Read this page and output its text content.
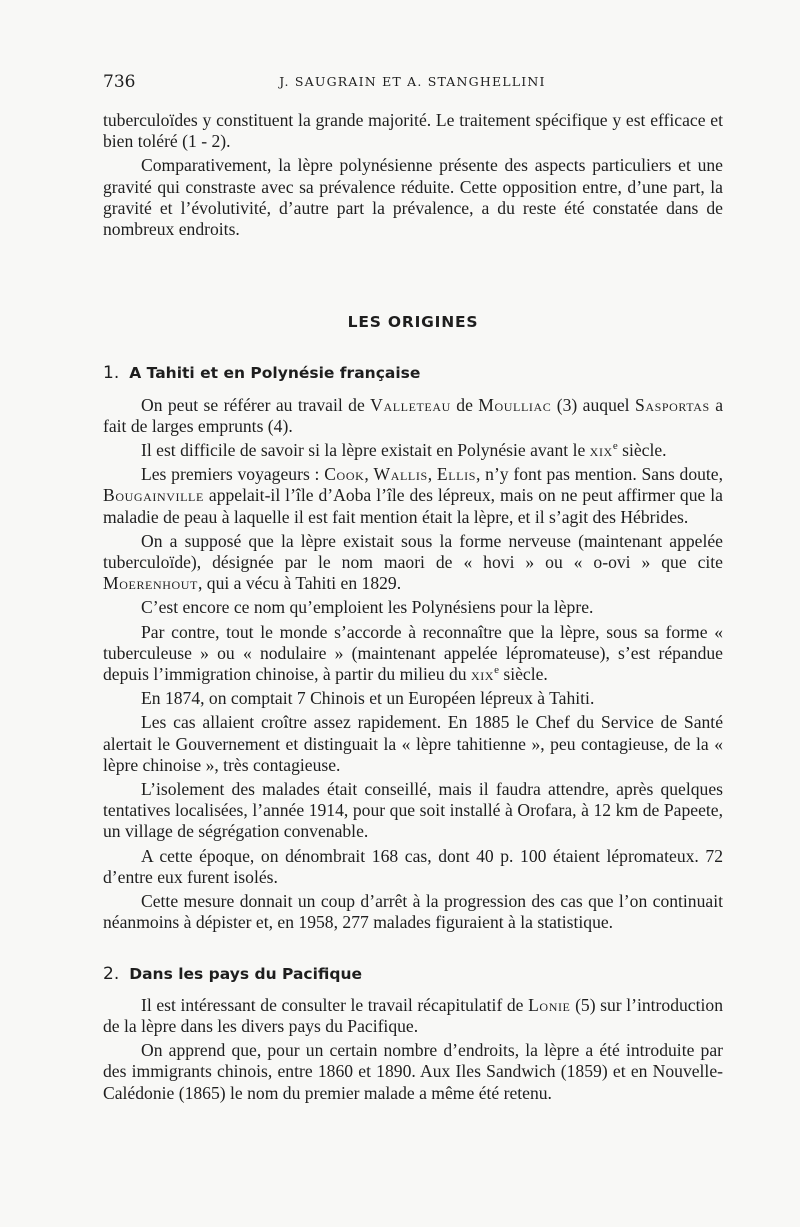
736	J. SAUGRAIN ET A. STANGHELLINI

tuberculoïdes y constituent la grande majorité. Le traitement spécifique y est efficace et bien toléré (1 - 2).

Comparativement, la lèpre polynésienne présente des aspects particuliers et une gravité qui constraste avec sa prévalence réduite. Cette opposition entre, d’une part, la gravité et l’évolutivité, d’autre part la prévalence, a du reste été constatée dans de nombreux endroits.

LES ORIGINES
1. A Tahiti et en Polynésie française

On peut se référer au travail de Valleteau de Moulliac (3) auquel Sasportas a fait de larges emprunts (4).

Il est difficile de savoir si la lèpre existait en Polynésie avant le xix$^e$ siècle.

Les premiers voyageurs : Cook, Wallis, Ellis, n’y font pas mention. Sans doute, Bougainville appelait-il l’île d’Aoba l’île des lépreux, mais on ne peut affirmer que la maladie de peau à laquelle il est fait mention était la lèpre, et il s’agit des Hébrides.

On a supposé que la lèpre existait sous la forme nerveuse (maintenant appelée tuberculoïde), désignée par le nom maori de « hovi » ou « o-ovi » que cite Moerenhout, qui a vécu à Tahiti en 1829.

C’est encore ce nom qu’emploient les Polynésiens pour la lèpre.

Par contre, tout le monde s’accorde à reconnaître que la lèpre, sous sa forme « tuberculeuse » ou « nodulaire » (maintenant appelée lépromateuse), s’est répandue depuis l’immigration chinoise, à partir du milieu du xix$^e$ siècle.

En 1874, on comptait 7 Chinois et un Européen lépreux à Tahiti.

Les cas allaient croître assez rapidement. En 1885 le Chef du Service de Santé alertait le Gouvernement et distinguait la « lèpre tahitienne », peu contagieuse, de la « lèpre chinoise », très contagieuse.

L’isolement des malades était conseillé, mais il faudra attendre, après quelques tentatives localisées, l’année 1914, pour que soit installé à Orofara, à 12 km de Papeete, un village de ségrégation convenable.

A cette époque, on dénombrait 168 cas, dont 40 p. 100 étaient lépromateux. 72 d’entre eux furent isolés.

Cette mesure donnait un coup d’arrêt à la progression des cas que l’on continuait néanmoins à dépister et, en 1958, 277 malades figuraient à la statistique.

2. Dans les pays du Pacifique

Il est intéressant de consulter le travail récapitulatif de Lonie (5) sur l’introduction de la lèpre dans les divers pays du Pacifique.

On apprend que, pour un certain nombre d’endroits, la lèpre a été introduite par des immigrants chinois, entre 1860 et 1890. Aux Iles Sandwich (1859) et en Nouvelle-Calédonie (1865) le nom du premier malade a même été retenu.
